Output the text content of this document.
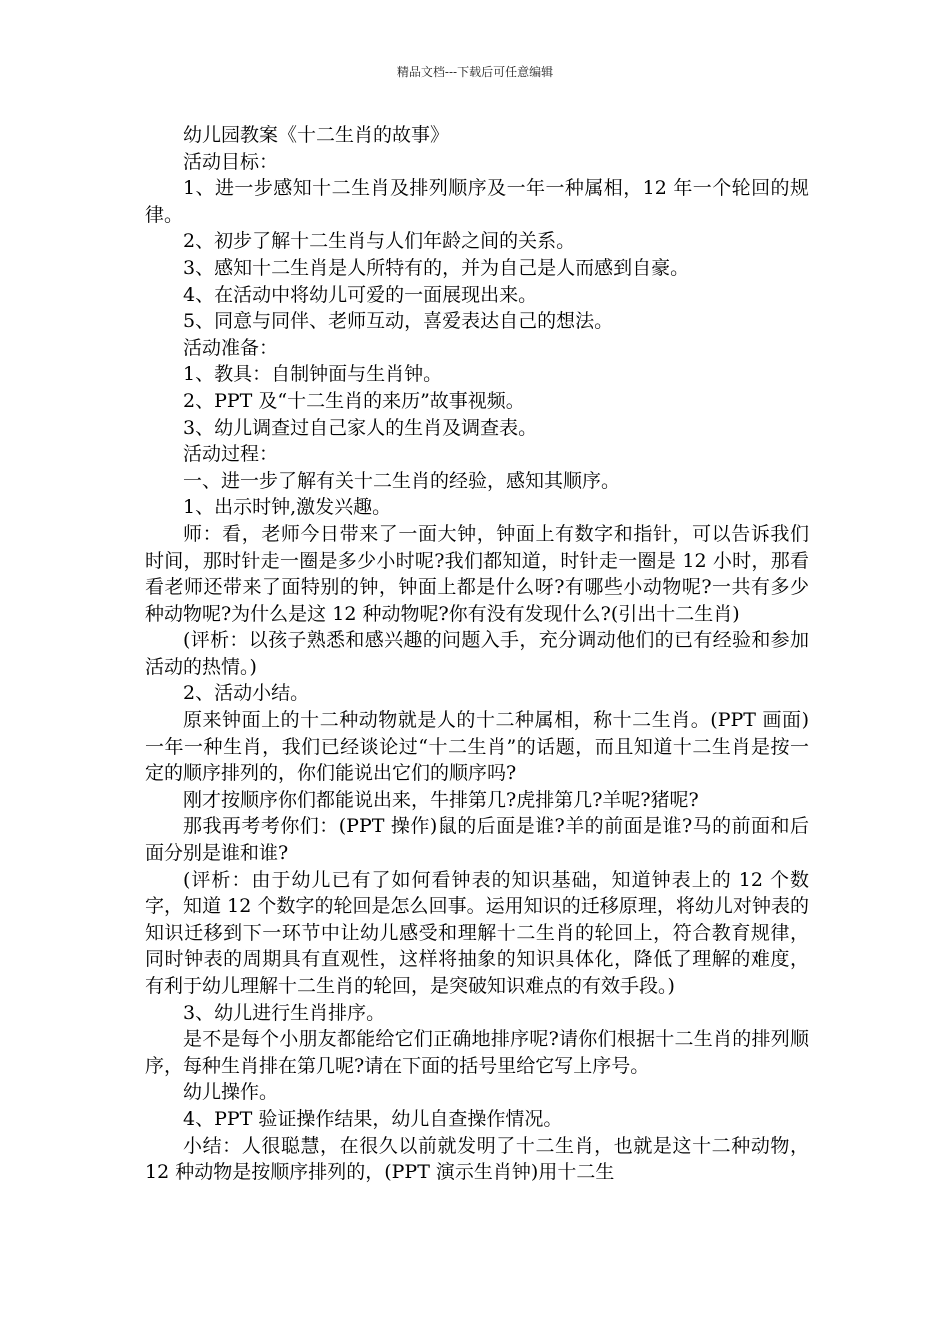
精品文档---下载后可任意编辑

幼儿园教案《十二生肖的故事》

活动目标：

1、进一步感知十二生肖及排列顺序及一年一种属相，12 年一个轮回的规律。

2、初步了解十二生肖与人们年龄之间的关系。

3、感知十二生肖是人所特有的，并为自己是人而感到自豪。

4、在活动中将幼儿可爱的一面展现出来。

5、同意与同伴、老师互动，喜爱表达自己的想法。

活动准备：

1、教具：自制钟面与生肖钟。

2、PPT 及“十二生肖的来历”故事视频。

3、幼儿调查过自己家人的生肖及调查表。

活动过程：

一、进一步了解有关十二生肖的经验，感知其顺序。

1、出示时钟,激发兴趣。

师：看，老师今日带来了一面大钟，钟面上有数字和指针，可以告诉我们时间，那时针走一圈是多少小时呢?我们都知道，时针走一圈是 12 小时，那看看老师还带来了面特别的钟，钟面上都是什么呀?有哪些小动物呢?一共有多少种动物呢?为什么是这 12 种动物呢?你有没有发现什么?(引出十二生肖)

(评析：以孩子熟悉和感兴趣的问题入手，充分调动他们的已有经验和参加活动的热情。)

2、活动小结。

原来钟面上的十二种动物就是人的十二种属相，称十二生肖。(PPT 画面)一年一种生肖，我们已经谈论过“十二生肖”的话题，而且知道十二生肖是按一定的顺序排列的，你们能说出它们的顺序吗?

刚才按顺序你们都能说出来，牛排第几?虎排第几?羊呢?猪呢?

那我再考考你们：(PPT 操作)鼠的后面是谁?羊的前面是谁?马的前面和后面分别是谁和谁?

(评析：由于幼儿已有了如何看钟表的知识基础，知道钟表上的 12 个数字，知道 12 个数字的轮回是怎么回事。运用知识的迁移原理，将幼儿对钟表的知识迁移到下一环节中让幼儿感受和理解十二生肖的轮回上，符合教育规律，同时钟表的周期具有直观性，这样将抽象的知识具体化，降低了理解的难度，有利于幼儿理解十二生肖的轮回，是突破知识难点的有效手段。)

3、幼儿进行生肖排序。

是不是每个小朋友都能给它们正确地排序呢?请你们根据十二生肖的排列顺序，每种生肖排在第几呢?请在下面的括号里给它写上序号。

幼儿操作。

4、PPT 验证操作结果，幼儿自查操作情况。

小结：人很聪慧，在很久以前就发明了十二生肖，也就是这十二种动物，12 种动物是按顺序排列的，(PPT 演示生肖钟)用十二生
